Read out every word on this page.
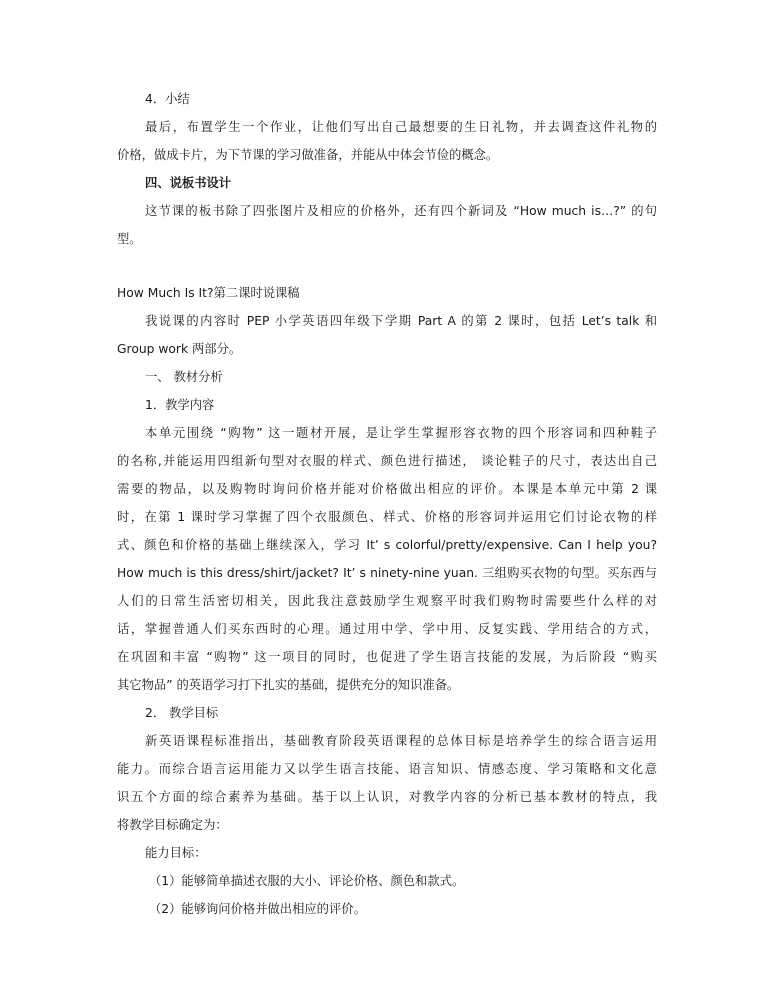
4．小结
最后，布置学生一个作业，让他们写出自己最想要的生日礼物，并去调查这件礼物的
价格，做成卡片，为下节课的学习做准备，并能从中体会节俭的概念。
四、说板书设计
这节课的板书除了四张图片及相应的价格外，还有四个新词及 “How much is…?” 的句
型。
How Much Is It?第二课时说课稿
我说课的内容时 PEP 小学英语四年级下学期 Part A 的第 2 课时，包括 Let’s talk 和
Group work 两部分。
一、 教材分析
1．教学内容
本单元围绕 “购物” 这一题材开展，是让学生掌握形容衣物的四个形容词和四种鞋子
的名称,并能运用四组新句型对衣服的样式、颜色进行描述， 谈论鞋子的尺寸，表达出自己
需要的物品，以及购物时询问价格并能对价格做出相应的评价。本课是本单元中第 2 课
时，在第 1 课时学习掌握了四个衣服颜色、样式、价格的形容词并运用它们讨论衣物的样
式、颜色和价格的基础上继续深入，学习 It’ s colorful/pretty/expensive. Can I help you?
How much is this dress/shirt/jacket? It’ s ninety-nine yuan. 三组购买衣物的句型。买东西与
人们的日常生活密切相关，因此我注意鼓励学生观察平时我们购物时需要些什么样的对
话，掌握普通人们买东西时的心理。通过用中学、学中用、反复实践、学用结合的方式，
在巩固和丰富 “购物” 这一项目的同时，也促进了学生语言技能的发展，为后阶段 “购买
其它物品” 的英语学习打下扎实的基础，提供充分的知识准备。
2． 教学目标
新英语课程标准指出，基础教育阶段英语课程的总体目标是培养学生的综合语言运用
能力。而综合语言运用能力又以学生语言技能、语言知识、情感态度、学习策略和文化意
识五个方面的综合素养为基础。基于以上认识，对教学内容的分析已基本教材的特点，我
将教学目标确定为：
能力目标：
（1）能够简单描述衣服的大小、评论价格、颜色和款式。
（2）能够询问价格并做出相应的评价。
